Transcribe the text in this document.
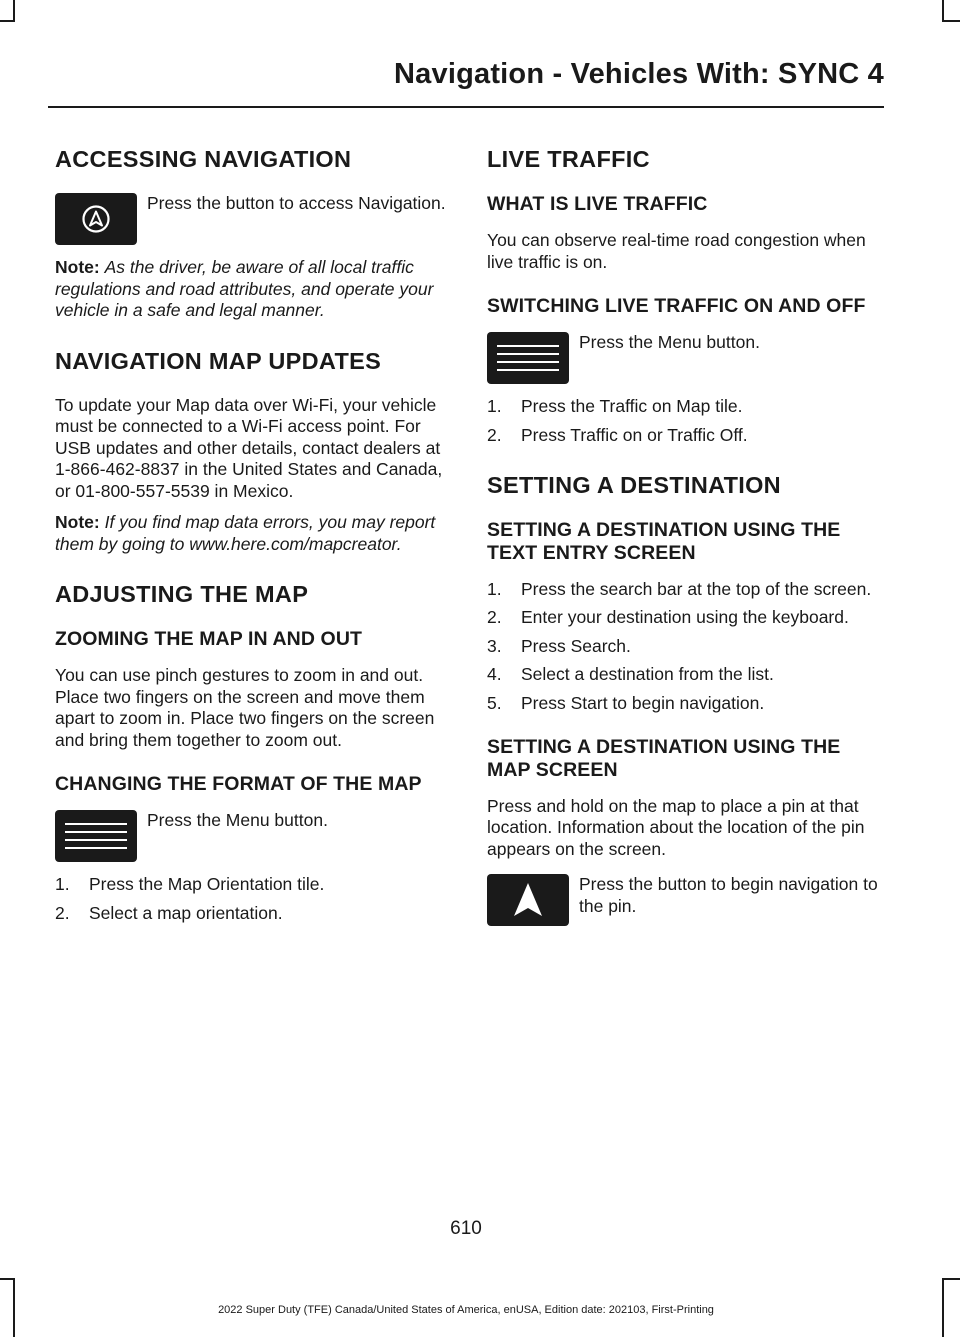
Navigation - Vehicles With: SYNC 4
ACCESSING NAVIGATION
Press the button to access Navigation.

Note: As the driver, be aware of all local traffic regulations and road attributes, and operate your vehicle in a safe and legal manner.

NAVIGATION MAP UPDATES

To update your Map data over Wi-Fi, your vehicle must be connected to a Wi-Fi access point. For USB updates and other details, contact dealers at 1-866-462-8837 in the United States and Canada, or 01-800-557-5539 in Mexico.

Note: If you find map data errors, you may report them by going to www.here.com/mapcreator.

ADJUSTING THE MAP
ZOOMING THE MAP IN AND OUT

You can use pinch gestures to zoom in and out. Place two fingers on the screen and move them apart to zoom in. Place two fingers on the screen and bring them together to zoom out.

CHANGING THE FORMAT OF THE MAP
Press the Menu button.
1. Press the Map Orientation tile.
2. Select a map orientation.
LIVE TRAFFIC
WHAT IS LIVE TRAFFIC

You can observe real-time road congestion when live traffic is on.

SWITCHING LIVE TRAFFIC ON AND OFF
Press the Menu button.
1. Press the Traffic on Map tile.
2. Press Traffic on or Traffic Off.
SETTING A DESTINATION
SETTING A DESTINATION USING THE TEXT ENTRY SCREEN
1. Press the search bar at the top of the screen.
2. Enter your destination using the keyboard.
3. Press Search.
4. Select a destination from the list.
5. Press Start to begin navigation.
SETTING A DESTINATION USING THE MAP SCREEN

Press and hold on the map to place a pin at that location. Information about the location of the pin appears on the screen.

Press the button to begin navigation to the pin.
610
2022 Super Duty (TFE) Canada/United States of America, enUSA, Edition date: 202103, First-Printing
